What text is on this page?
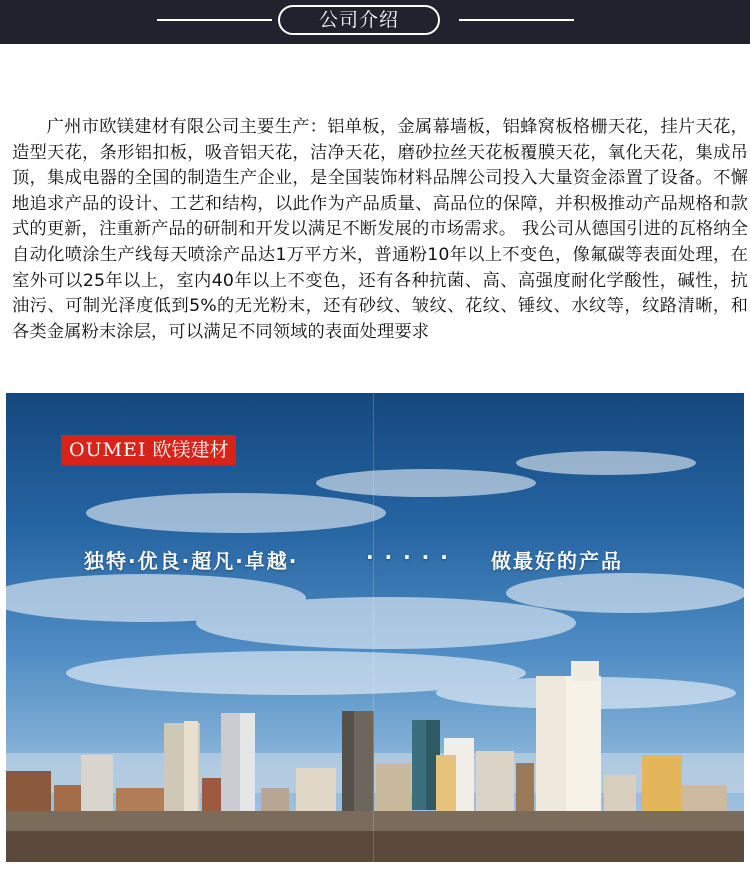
公司介绍

广州市欧镁建材有限公司主要生产：铝单板，金属幕墙板，铝蜂窝板格栅天花，挂片天花， 造型天花，条形铝扣板，吸音铝天花，洁净天花，磨砂拉丝天花板覆膜天花，氧化天花，集成吊顶，集成电器的全国的制造生产企业，是全国装饰材料品牌公司投入大量资金添置了设备。不懈地追求产品的设计、工艺和结构，以此作为产品质量、高品位的保障，并积极推动产品规格和款式的更新，注重新产品的研制和开发以满足不断发展的市场需求。 我公司从德国引进的瓦格纳全自动化喷涂生产线每天喷涂产品达1万平方米，普通粉10年以上不变色，像氟碳等表面处理，在室外可以25年以上，室内40年以上不变色，还有各种抗菌、高、高强度耐化学酸性，碱性，抗油污、可制光泽度低到5%的无光粉末，还有砂纹、皱纹、花纹、锤纹、水纹等，纹路清晰，和各类金属粉末涂层，可以满足不同领域的表面处理要求

OUMEI 欧镁建材
独特·优良·超凡·卓越·	· · · · · 做最好的产品
